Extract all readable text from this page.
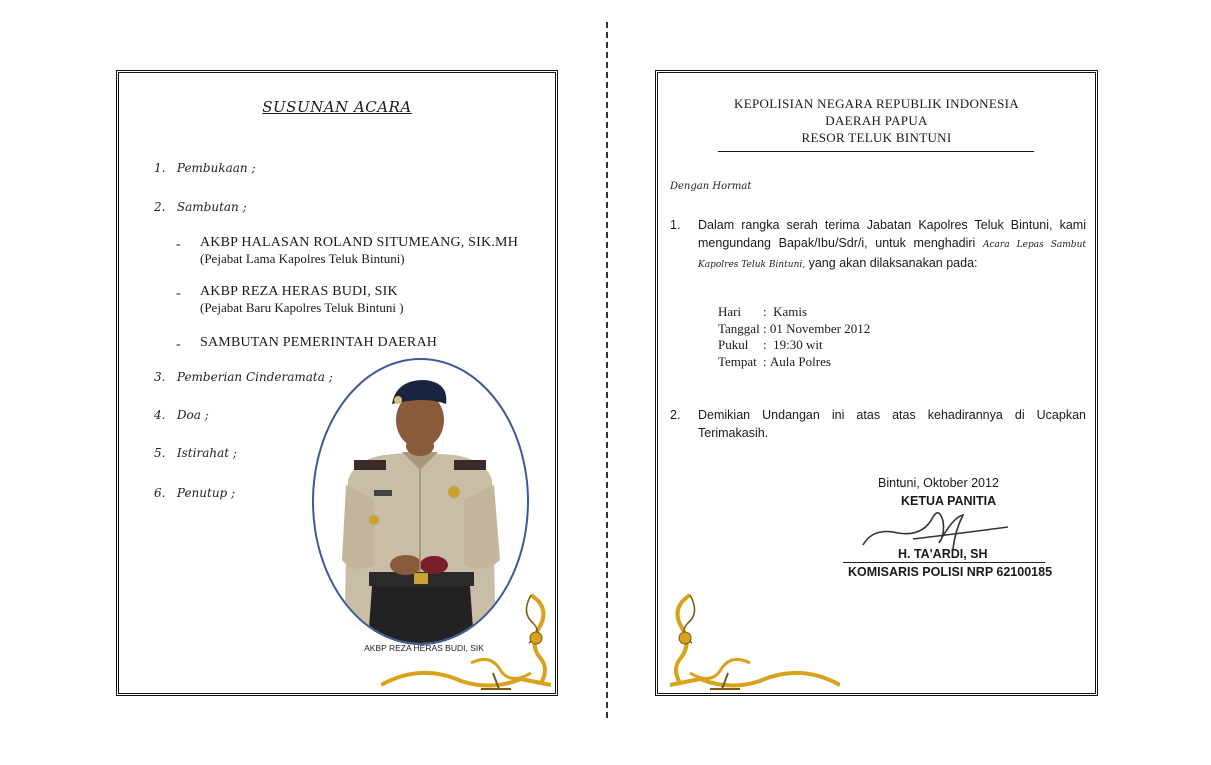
SUSUNAN ACARA
1. Pembukaan ;
2. Sambutan ;
- AKBP HALASAN ROLAND SITUMEANG, SIK.MH
(Pejabat Lama Kapolres Teluk Bintuni)
- AKBP REZA HERAS BUDI, SIK
(Pejabat Baru Kapolres Teluk Bintuni )
- SAMBUTAN PEMERINTAH DAERAH
3. Pemberian Cinderamata ;
4. Doa ;
5. Istirahat ;
6. Penutup ;
AKBP REZA HERAS BUDI, SIK
KEPOLISIAN NEGARA REPUBLIK INDONESIA
DAERAH PAPUA
RESOR TELUK BINTUNI
Dengan Hormat
1. Dalam rangka serah terima Jabatan Kapolres Teluk Bintuni, kami mengundang Bapak/Ibu/Sdr/i, untuk menghadiri Acara Lepas Sambut Kapolres Teluk Bintuni, yang akan dilaksanakan pada:
Hari : Kamis
Tanggal : 01 November 2012
Pukul : 19:30 wit
Tempat : Aula Polres
2. Demikian Undangan ini atas atas kehadirannya di Ucapkan Terimakasih.
Bintuni, Oktober 2012
KETUA PANITIA
H. TA'ARDI, SH
KOMISARIS POLISI NRP 62100185
